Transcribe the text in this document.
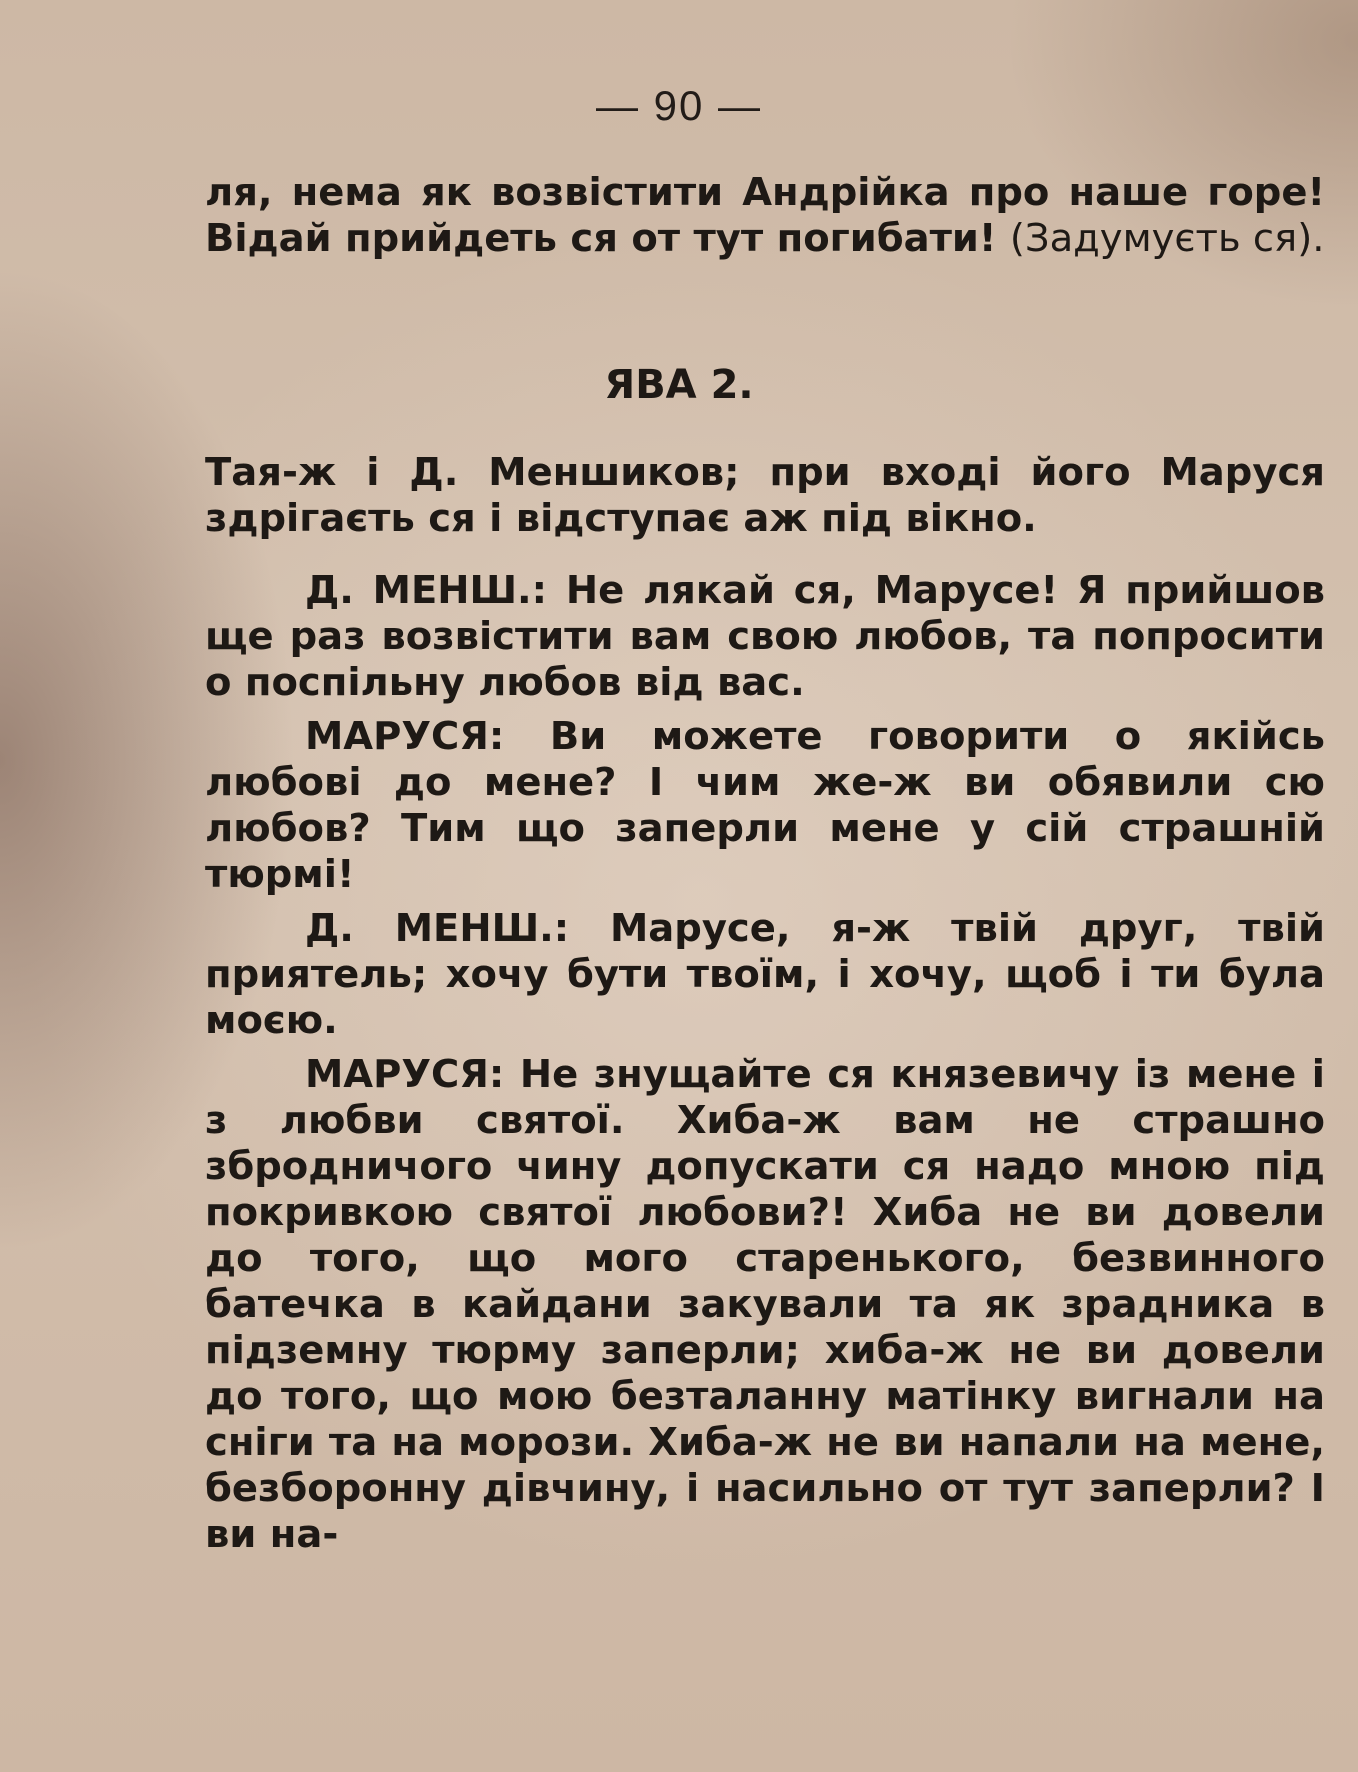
— 90 —
ля, нема як возвістити Андрійка про наше горе! Відай прийдеть ся от тут погибати! (Задумуєть ся).
ЯВА 2.
Тая-ж і Д. Меншиков; при вході його Маруся здрігаєть ся і відступає аж під вікно.

Д. МЕНШ.: Не лякай ся, Марусе! Я прийшов ще раз возвістити вам свою любов, та попросити о поспільну любов від вас.

МАРУСЯ: Ви можете говорити о якійсь любові до мене? І чим же-ж ви обявили сю любов? Тим що заперли мене у сій страшній тюрмі!

Д. МЕНШ.: Марусе, я-ж твій друг, твій приятель; хочу бути твоїм, і хочу, щоб і ти була моєю.

МАРУСЯ: Не знущайте ся князевичу із мене і з любви святої. Хиба-ж вам не страшно збродничого чину допускати ся надо мною під покривкою святої любови?! Хиба не ви довели до того, що мого старенького, безвинного батечка в кайдани закували та як зрадника в підземну тюрму заперли; хиба-ж не ви довели до того, що мою безталанну матінку вигнали на сніги та на морози. Хиба-ж не ви напали на мене, безборонну дівчину, і насильно от тут заперли? І ви на-
